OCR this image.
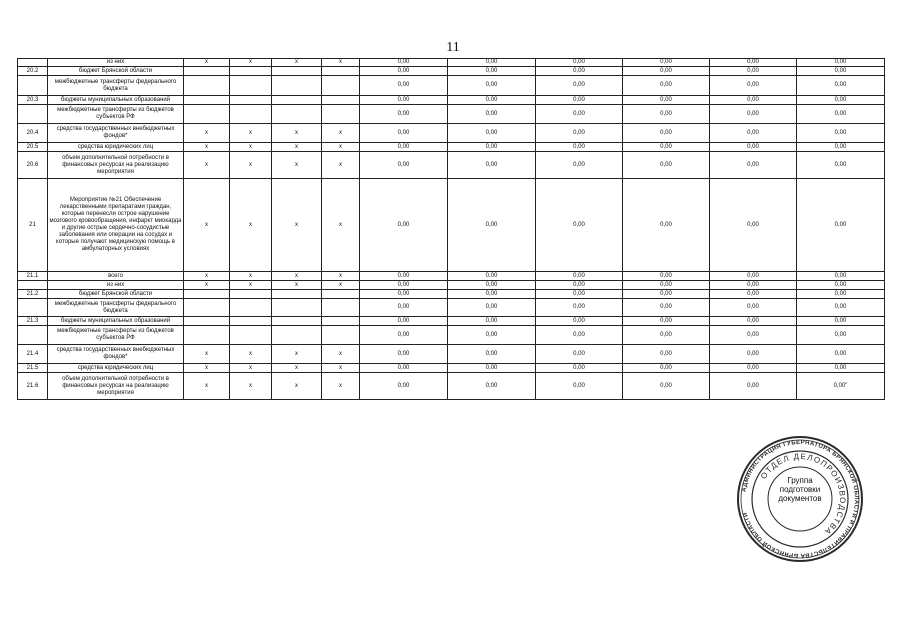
11
	из них	x	x	x	x	0,00	0,00	0,00	0,00	0,00	0,00
20.2	бюджет Брянской области					0,00	0,00	0,00	0,00	0,00	0,00
	межбюджетные трансферты федерального бюджета					0,00	0,00	0,00	0,00	0,00	0,00
20.3	бюджеты муниципальных образований					0,00	0,00	0,00	0,00	0,00	0,00
	межбюджетные трансферты из бюджетов субъектов РФ					0,00	0,00	0,00	0,00	0,00	0,00
20.4	средства государственных внебюджетных фондов*	x	x	x	x	0,00	0,00	0,00	0,00	0,00	0,00
20.5	средства юридических лиц	x	x	x	x	0,00	0,00	0,00	0,00	0,00	0,00
20.6	объем дополнительной потребности в финансовых ресурсах на реализацию мероприятия	x	x	x	x	0,00	0,00	0,00	0,00	0,00	0,00
21	Мероприятие №21 Обеспечение лекарственными препаратами граждан, которые перенесли острое нарушение мозгового кровообращения, инфаркт миокарда и другие острые сердечно-сосудистые заболевания или операции на сосудах и которые получают медицинскую помощь в амбулаторных условиях	x	x	x	x	0,00	0,00	0,00	0,00	0,00	0,00
21.1	всего	x	x	x	x	0,00	0,00	0,00	0,00	0,00	0,00
	из них	x	x	x	x	0,00	0,00	0,00	0,00	0,00	0,00
21.2	бюджет Брянской области					0,00	0,00	0,00	0,00	0,00	0,00
	межбюджетные трансферты федерального бюджета					0,00	0,00	0,00	0,00	0,00	0,00
21.3	бюджеты муниципальных образований					0,00	0,00	0,00	0,00	0,00	0,00
	межбюджетные трансферты из бюджетов субъектов РФ					0,00	0,00	0,00	0,00	0,00	0,00
21.4	средства государственных внебюджетных фондов*	x	x	x	x	0,00	0,00	0,00	0,00	0,00	0,00
21.5	средства юридических лиц	x	x	x	x	0,00	0,00	0,00	0,00	0,00	0,00
21.6	объем дополнительной потребности в финансовых ресурсах на реализацию мероприятия	x	x	x	x	0,00	0,00	0,00	0,00	0,00	0,00"
АДМИНИСТРАЦИЯ ГУБЕРНАТОРА БРЯНСКОЙ ОБЛАСТИ И ПРАВИТЕЛЬСТВА БРЯНСКОЙ ОБЛАСТИ
ОТДЕЛ ДЕЛОПРОИЗВОДСТВА
Группа
подготовки
документов
